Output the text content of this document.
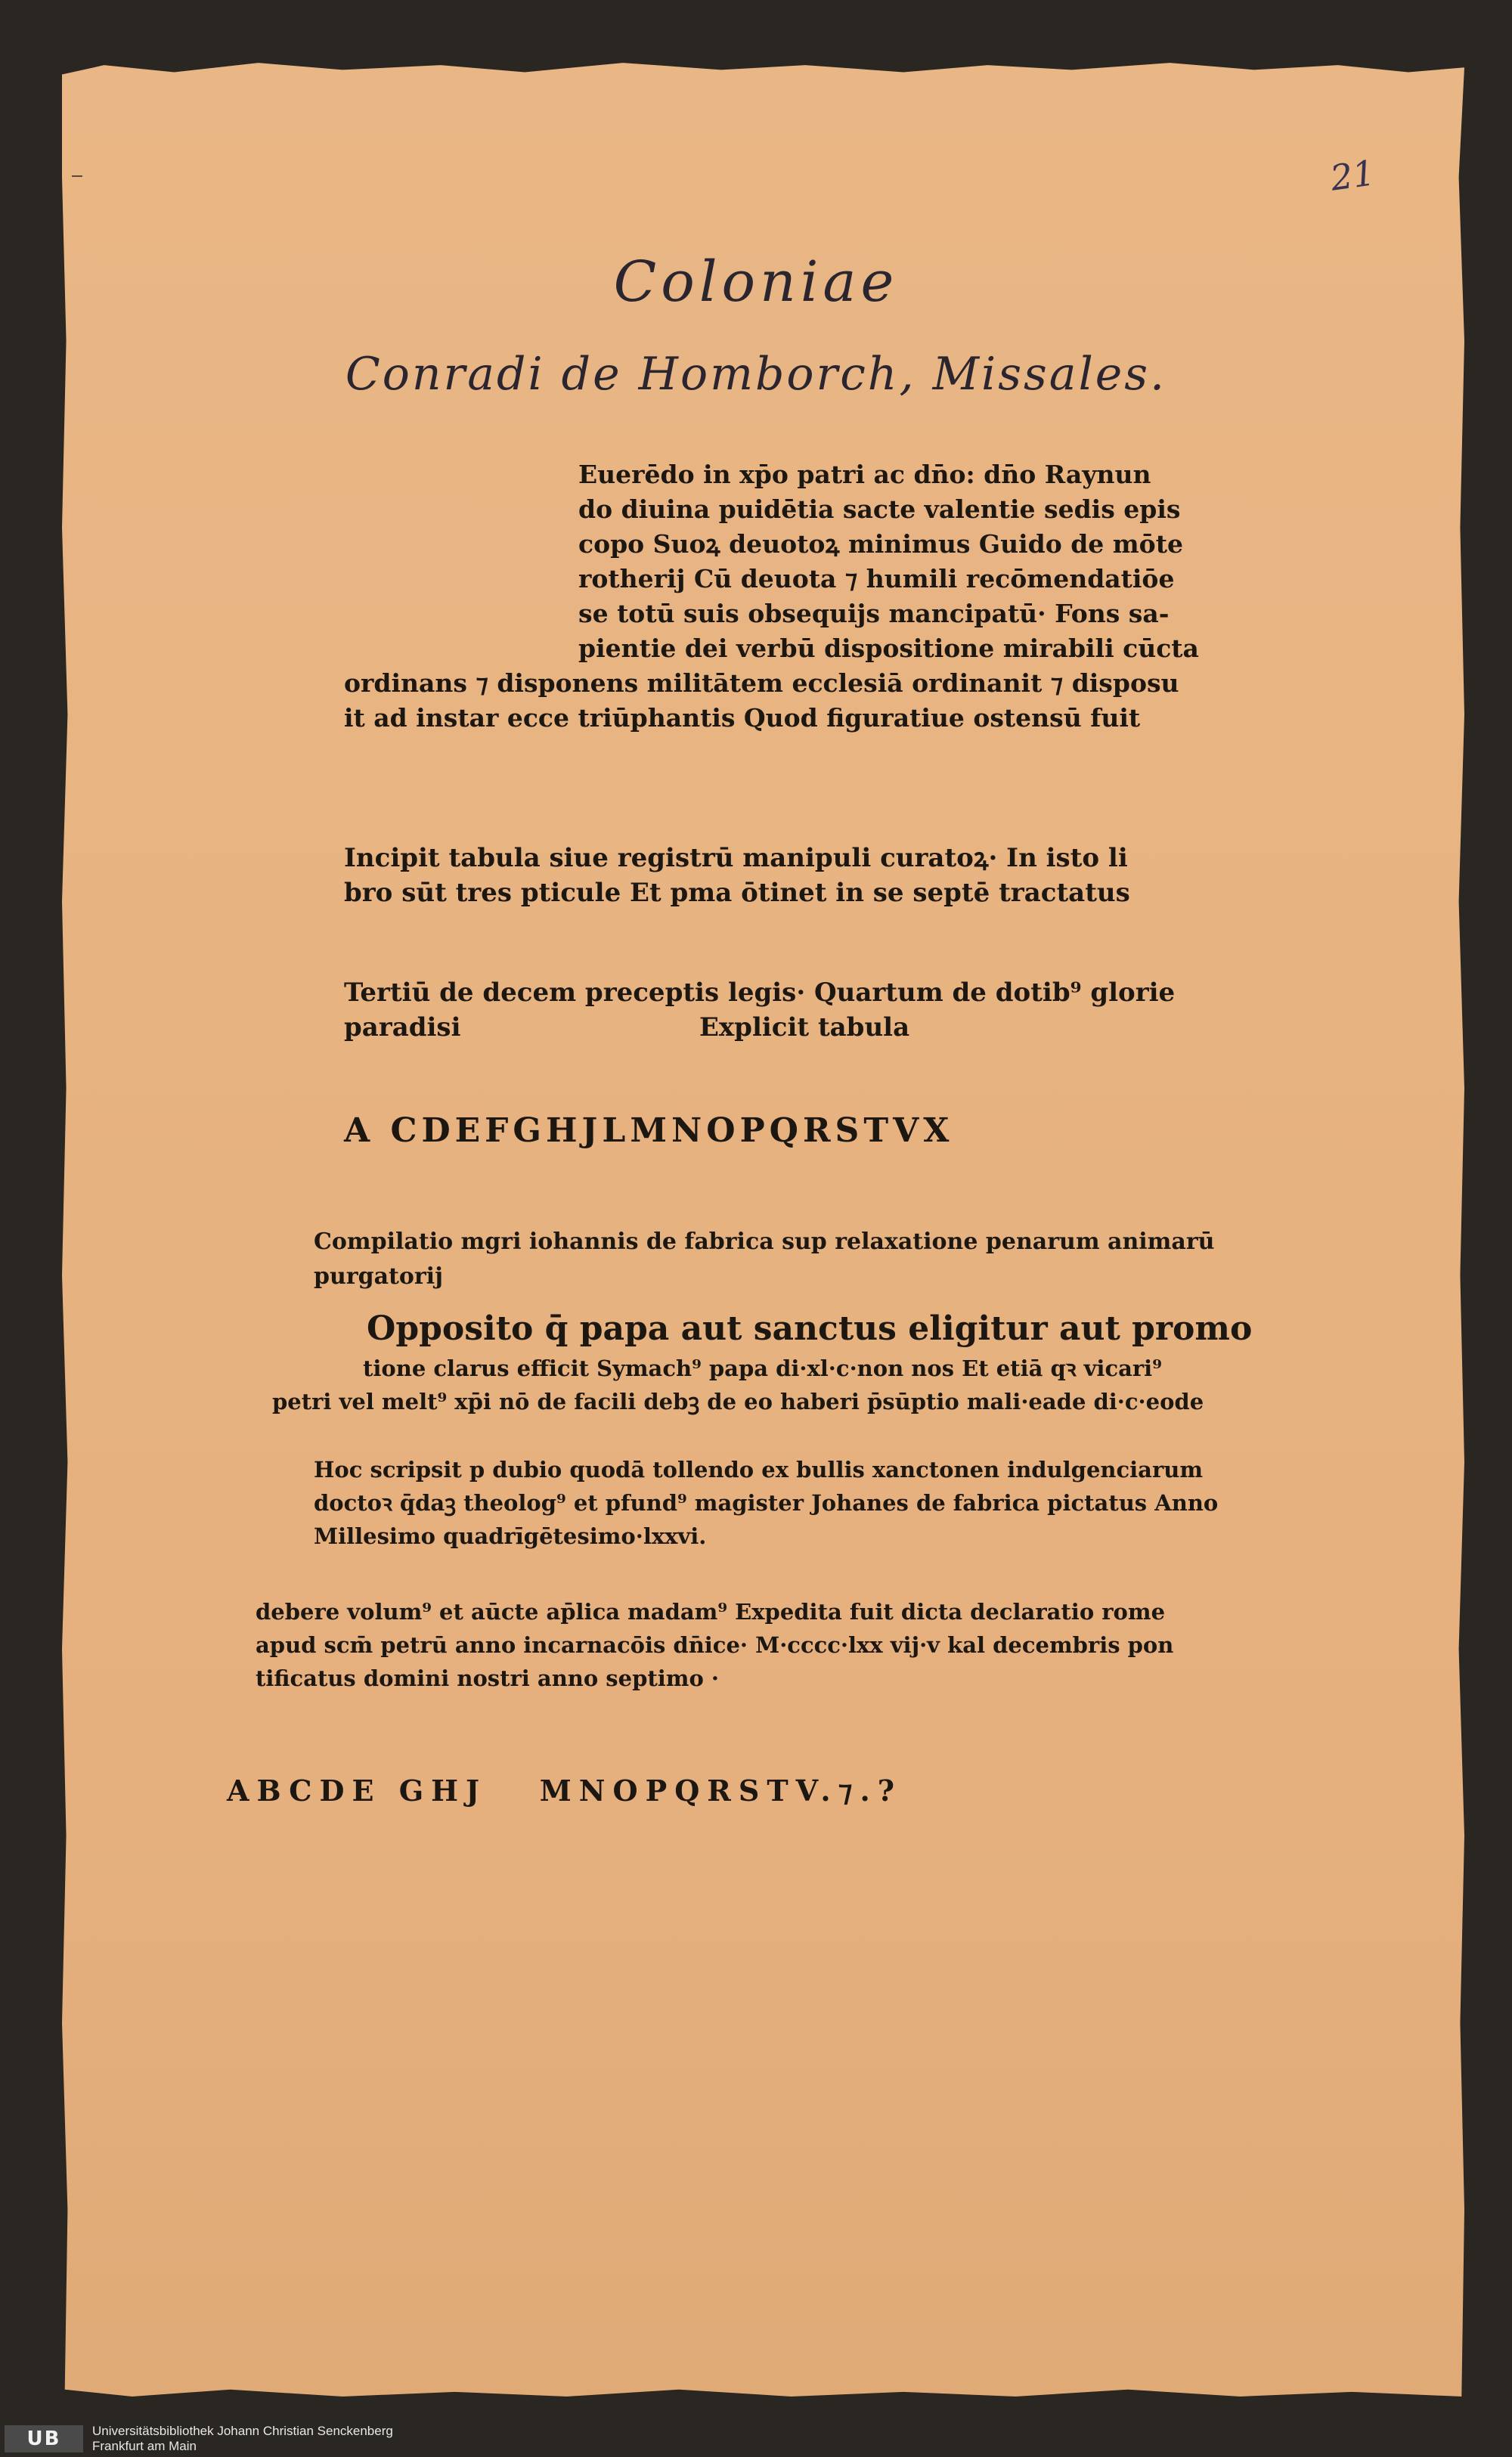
21
Coloniae
Conradi de Homborch, Missales.
Euerēdo in xp̄o patri ac dn̄o: dn̄o Raynun
do diuina puidētia sacte valentie sedis epis
copo Suoꝝ deuotoꝝ minimus Guido de mōte
rotherij Cū deuota ⁊ humili recōmendatiōe
se totū suis obsequijs mancipatū· Fons sa-
pientie dei verbū dispositione mirabili cūcta
ordinans ⁊ disponens militātem ecclesiā ordinanit ⁊ disposu
it ad instar ecce triūphantis Quod figuratiue ostensū fuit
Incipit tabula siue registrū manipuli curatoꝝ· In isto li
bro sūt tres pticule Et pma ōtinet in se septē tractatus
Tertiū de decem preceptis legis· Quartum de dotib⁹ glorie
paradisi	Explicit tabula
A CDEFGHJLMNOPQRSTVX
Compilatio mgri iohannis de fabrica sup relaxatione penarum animarū
purgatorij
Opposito q̄ papa aut sanctus eligitur aut promo
tione clarus efficit Symach⁹ papa di·xl·c·non nos Et etiā qꝛ vicari⁹
petri vel melt⁹ xp̄i nō de facili debꝫ de eo haberi p̄sūptio mali·eade di·c·eode
Hoc scripsit p dubio quodā tollendo ex bullis xanctonen indulgenciarum
doctoꝛ q̄daꝫ theolog⁹ et pfund⁹ magister Johanes de fabrica pictatus Anno
Millesimo quadrīgētesimo·lxxvi.
debere volum⁹ et aūcte ap̄lica madam⁹ Expedita fuit dicta declaratio rome
apud scm̄ petrū anno incarnacōis dn̄ice· M·cccc·lxx vij·v kal decembris pon
tificatus domini nostri anno septimo ·
ABCDE GHJ   MNOPQRSTV.⁊.?
UB	Universitätsbibliothek Johann Christian Senckenberg
Frankfurt am Main
